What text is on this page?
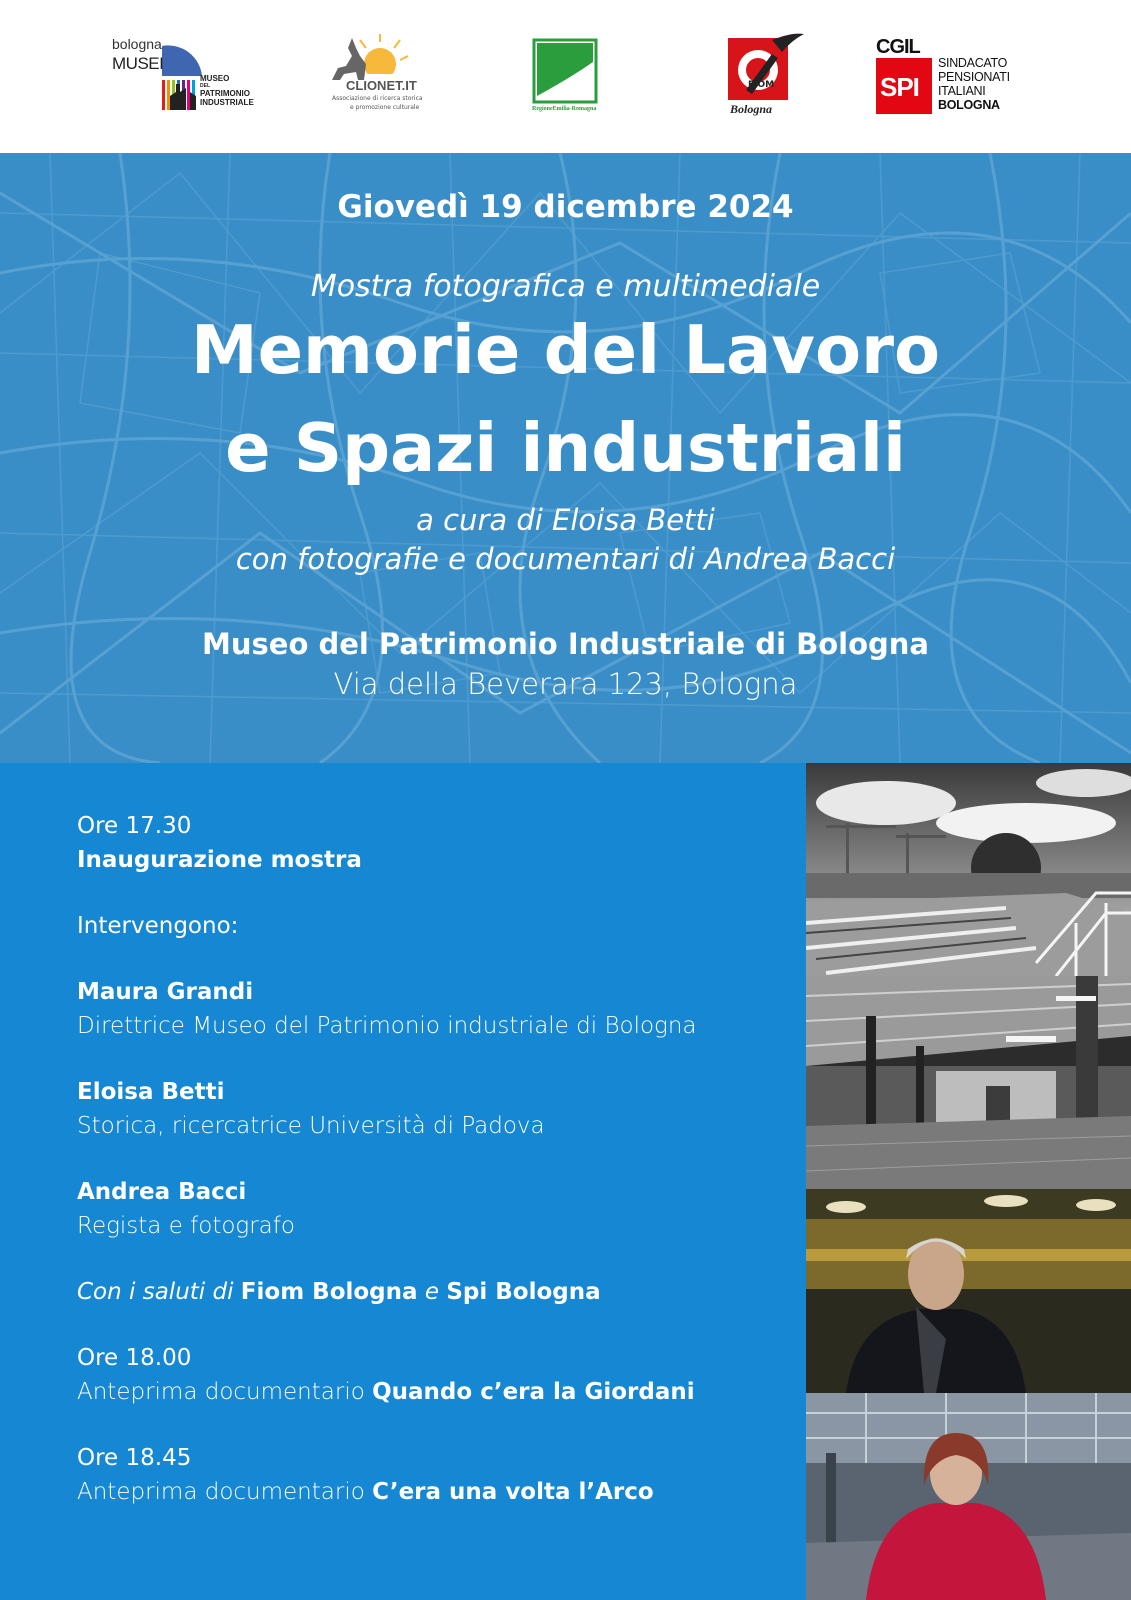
bologna
MUSEI
MUSEO
DEL
PATRIMONIO
INDUSTRIALE
CLIONET.IT
Associazione di ricerca storica
e promozione culturale	RegioneEmilia-Romagna
FIOM
Bologna
CGIL
SPI
SINDACATO
PENSIONATI
ITALIANI
BOLOGNA
Giovedì 19 dicembre 2024
Mostra fotografica e multimediale
Memorie del Lavoro
e Spazi industriali
a cura di Eloisa Betti
con fotografie e documentari di Andrea Bacci
Museo del Patrimonio Industriale di Bologna
Via della Beverara 123, Bologna
Ore 17.30
Inaugurazione mostra
Intervengono:
Maura Grandi
Direttrice Museo del Patrimonio industriale di Bologna
Eloisa Betti
Storica, ricercatrice Università di Padova
Andrea Bacci
Regista e fotografo
Con i saluti di Fiom Bologna e Spi Bologna
Ore 18.00
Anteprima documentario Quando c’era la Giordani
Ore 18.45
Anteprima documentario C’era una volta l’Arco
